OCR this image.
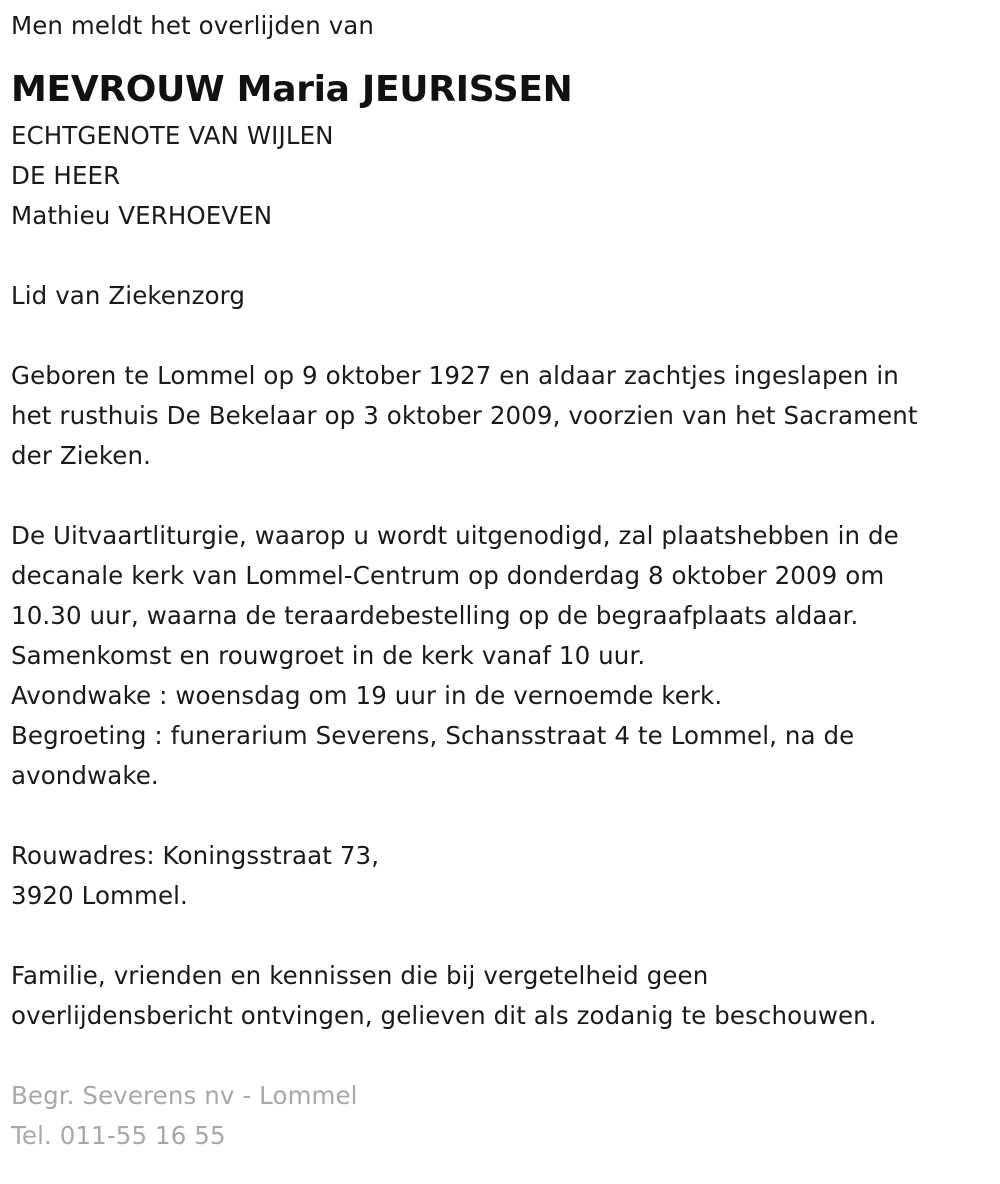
Men meldt het overlijden van
MEVROUW Maria JEURISSEN
ECHTGENOTE VAN WIJLEN
DE HEER
Mathieu VERHOEVEN
Lid van Ziekenzorg
Geboren te Lommel op 9 oktober 1927 en aldaar zachtjes ingeslapen in
het rusthuis De Bekelaar op 3 oktober 2009, voorzien van het Sacrament
der Zieken.
De Uitvaartliturgie, waarop u wordt uitgenodigd, zal plaatshebben in de
decanale kerk van Lommel-Centrum op donderdag 8 oktober 2009 om
10.30 uur, waarna de teraardebestelling op de begraafplaats aldaar.
Samenkomst en rouwgroet in de kerk vanaf 10 uur.
Avondwake : woensdag om 19 uur in de vernoemde kerk.
Begroeting : funerarium Severens, Schansstraat 4 te Lommel, na de
avondwake.
Rouwadres: Koningsstraat 73,
3920 Lommel.
Familie, vrienden en kennissen die bij vergetelheid geen
overlijdensbericht ontvingen, gelieven dit als zodanig te beschouwen.
Begr. Severens nv - Lommel
Tel. 011-55 16 55
